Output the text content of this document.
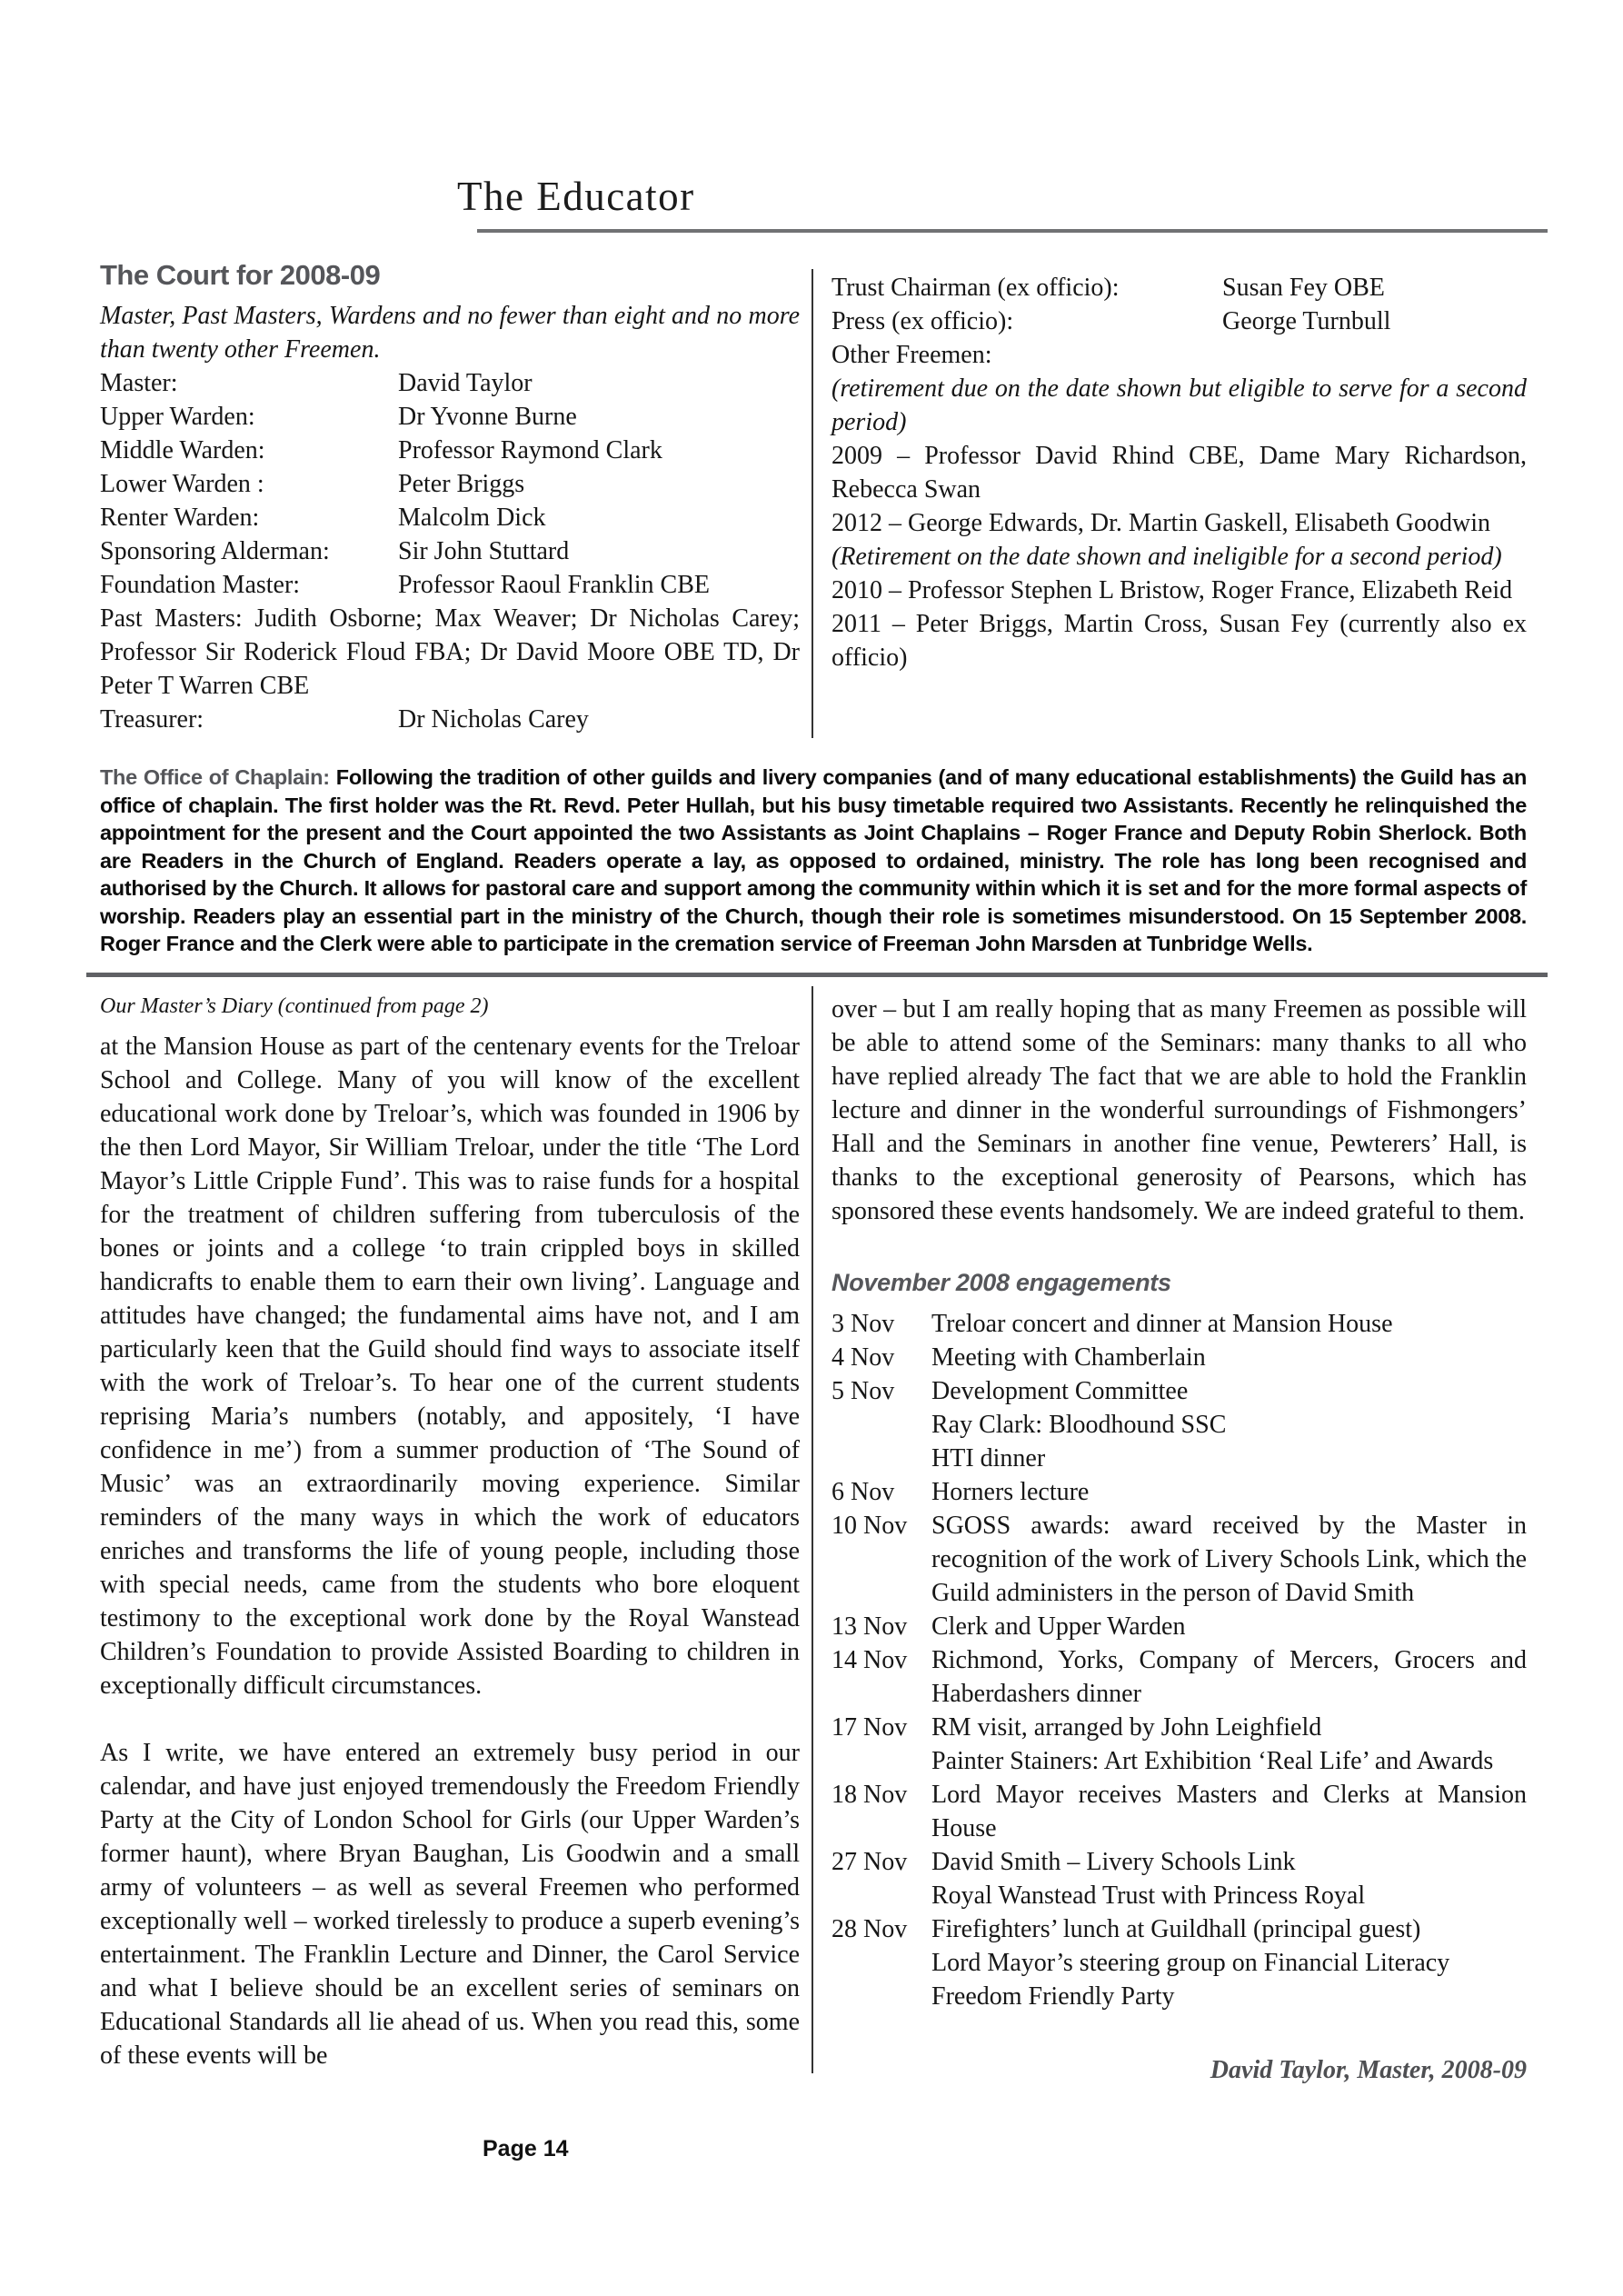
The Educator
The Court for 2008-09

Master, Past Masters, Wardens and no fewer than eight and no more than twenty other Freemen.

Master:	David Taylor
Upper Warden:	Dr Yvonne Burne
Middle Warden:	Professor Raymond Clark
Lower Warden :	Peter Briggs
Renter Warden:	Malcolm Dick
Sponsoring Alderman:	Sir John Stuttard
Foundation Master:	Professor Raoul Franklin CBE

Past Masters: Judith Osborne; Max Weaver; Dr Nicholas Carey; Professor Sir Roderick Floud FBA; Dr David Moore OBE TD, Dr Peter T Warren CBE

Treasurer:	Dr Nicholas Carey
Trust Chairman (ex officio):	Susan Fey OBE
Press (ex officio):	George Turnbull

Other Freemen:

(retirement due on the date shown but eligible to serve for a second period)

2009 – Professor David Rhind CBE, Dame Mary Richardson, Rebecca Swan

2012 – George Edwards, Dr. Martin Gaskell, Elisabeth Goodwin

(Retirement on the date shown and ineligible for a second period)

2010 – Professor Stephen L Bristow, Roger France, Elizabeth Reid

2011 – Peter Briggs, Martin Cross, Susan Fey (currently also ex officio)

The Office of Chaplain: Following the tradition of other guilds and livery companies (and of many educational establishments) the Guild has an office of chaplain. The first holder was the Rt. Revd. Peter Hullah, but his busy timetable required two Assistants. Recently he relinquished the appointment for the present and the Court appointed the two Assistants as Joint Chaplains – Roger France and Deputy Robin Sherlock. Both are Readers in the Church of England. Readers operate a lay, as opposed to ordained, ministry. The role has long been recognised and authorised by the Church. It allows for pastoral care and support among the community within which it is set and for the more formal aspects of worship. Readers play an essential part in the ministry of the Church, though their role is sometimes misunderstood. On 15 September 2008. Roger France and the Clerk were able to participate in the cremation service of Freeman John Marsden at Tunbridge Wells.

Our Master’s Diary (continued from page 2)

at the Mansion House as part of the centenary events for the Treloar School and College. Many of you will know of the excellent educational work done by Treloar’s, which was founded in 1906 by the then Lord Mayor, Sir William Treloar, under the title ‘The Lord Mayor’s Little Cripple Fund’. This was to raise funds for a hospital for the treatment of children suffering from tuberculosis of the bones or joints and a college ‘to train crippled boys in skilled handicrafts to enable them to earn their own living’. Language and attitudes have changed; the fundamental aims have not, and I am particularly keen that the Guild should find ways to associate itself with the work of Treloar’s. To hear one of the current students reprising Maria’s numbers (notably, and appositely, ‘I have confidence in me’) from a summer production of ‘The Sound of Music’ was an extraordinarily moving experience. Similar reminders of the many ways in which the work of educators enriches and transforms the life of young people, including those with special needs, came from the students who bore eloquent testimony to the exceptional work done by the Royal Wanstead Children’s Foundation to provide Assisted Boarding to children in exceptionally difficult circumstances.

As I write, we have entered an extremely busy period in our calendar, and have just enjoyed tremendously the Freedom Friendly Party at the City of London School for Girls (our Upper Warden’s former haunt), where Bryan Baughan, Lis Goodwin and a small army of volunteers – as well as several Freemen who performed exceptionally well – worked tirelessly to produce a superb evening’s entertainment. The Franklin Lecture and Dinner, the Carol Service and what I believe should be an excellent series of seminars on Educational Standards all lie ahead of us. When you read this, some of these events will be

over – but I am really hoping that as many Freemen as possible will be able to attend some of the Seminars: many thanks to all who have replied already The fact that we are able to hold the Franklin lecture and dinner in the wonderful surroundings of Fishmongers’ Hall and the Seminars in another fine venue, Pewterers’ Hall, is thanks to the exceptional generosity of Pearsons, which has sponsored these events handsomely. We are indeed grateful to them.

November 2008 engagements
3 Nov	Treloar concert and dinner at Mansion House
4 Nov	Meeting with Chamberlain
5 Nov	Development Committee
Ray Clark: Bloodhound SSC
HTI dinner
6 Nov	Horners lecture
10 Nov SGOSS awards: award received by the Master in recognition of the work of Livery Schools Link, which the Guild administers in the person of David Smith
13 Nov Clerk and Upper Warden
14 Nov Richmond, Yorks, Company of Mercers, Grocers and Haberdashers dinner
17 Nov RM visit, arranged by John Leighfield
Painter Stainers: Art Exhibition ‘Real Life’ and Awards
18 Nov Lord Mayor receives Masters and Clerks at Mansion House
27 Nov David Smith – Livery Schools Link
Royal Wanstead Trust with Princess Royal
28 Nov Firefighters’ lunch at Guildhall (principal guest)
Lord Mayor’s steering group on Financial Literacy
Freedom Friendly Party

David Taylor, Master, 2008-09

Page 14
